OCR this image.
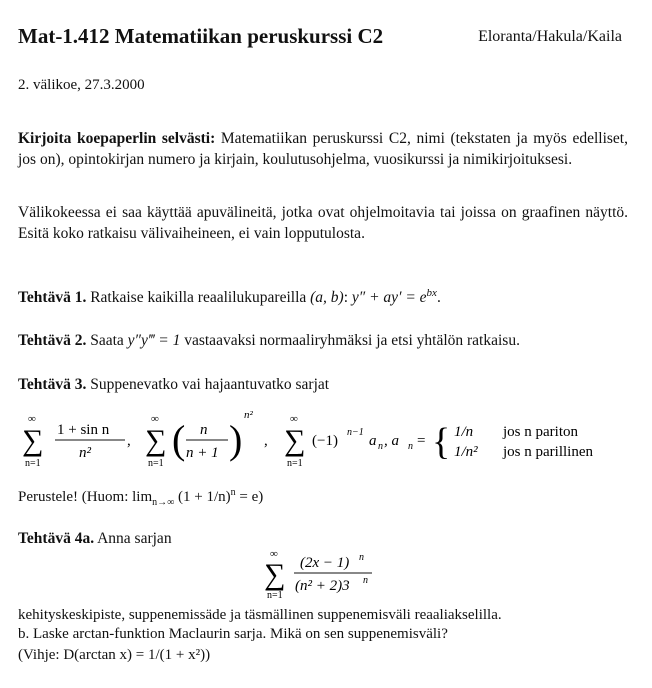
Mat-1.412 Matematiikan peruskurssi C2	Eloranta/Hakula/Kaila
2. välikoe, 27.3.2000
Kirjoita koepaperlin selvästi: Matematiikan peruskurssi C2, nimi (tekstaten ja myös edelliset, jos on), opintokirjan numero ja kirjain, koulutusohjelma, vuosikurssi ja nimikirjoituksesi.
Välikokeessa ei saa käyttää apuvälineitä, jotka ovat ohjelmoitavia tai joissa on graafinen näyttö. Esitä koko ratkaisu välivaiheineen, ei vain lopputulosta.
Tehtävä 1. Ratkaise kaikilla reaalilukupareilla (a, b): $y'' + ay' = e^{bx}$.
Tehtävä 2. Saata y″y‴ = 1 vastaavaksi normaaliryhmäksi ja etsi yhtälön ratkaisu.
Tehtävä 3. Suppenevatko vai hajaantuvatko sarjat
∑
∞
n=1
1 + sin n
n²
, ∑
∞
n=1
( n
n + 1 )
n²
, ∑
∞
n=1
(−1)
n−1
a n , a n = { 1/n jos n pariton
1/n² jos n parillinen
Perustele! (Huom: $\lim_{n\to\infty} (1 + 1/n)^n = e$)
Tehtävä 4a. Anna sarjan
∑
∞
n=1
(2x − 1) n
(n² + 2)3 n
kehityskeskipiste, suppenemissäde ja täsmällinen suppenemisväli reaaliakselilla.
b. Laske arctan-funktion Maclaurin sarja. Mikä on sen suppenemisväli?
(Vihje: D(arctan x) = 1/(1 + x²))
